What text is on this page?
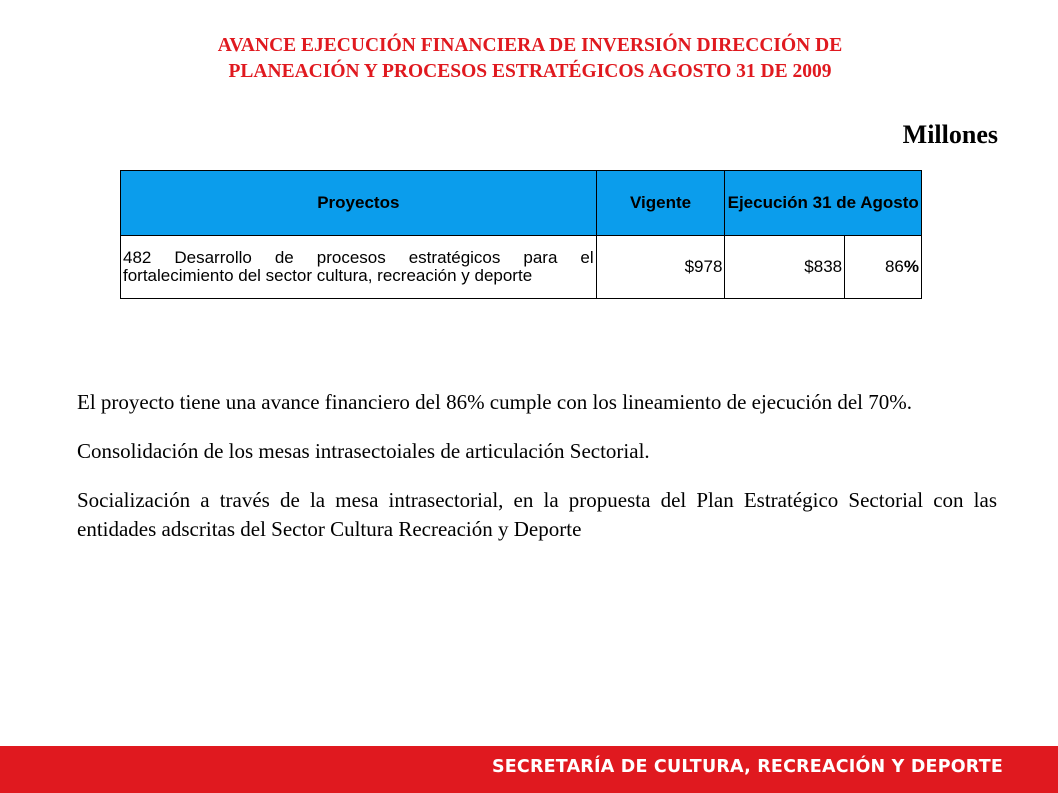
AVANCE EJECUCIÓN FINANCIERA DE INVERSIÓN DIRECCIÓN DE
PLANEACIÓN Y PROCESOS ESTRATÉGICOS AGOSTO 31 DE 2009
Millones
Proyectos	Vigente	Ejecución 31 de Agosto	
482 Desarrollo de procesos estratégicos para el fortalecimiento del sector cultura, recreación y deporte	$978	$838	86%

El proyecto tiene una avance financiero del 86% cumple con los lineamiento de ejecución del 70%.

Consolidación de los mesas intrasectoiales de articulación Sectorial.

Socialización a través de la mesa intrasectorial, en la propuesta del Plan Estratégico Sectorial con las entidades adscritas del Sector Cultura Recreación y Deporte

SECRETARÍA DE CULTURA, RECREACIÓN Y DEPORTE
